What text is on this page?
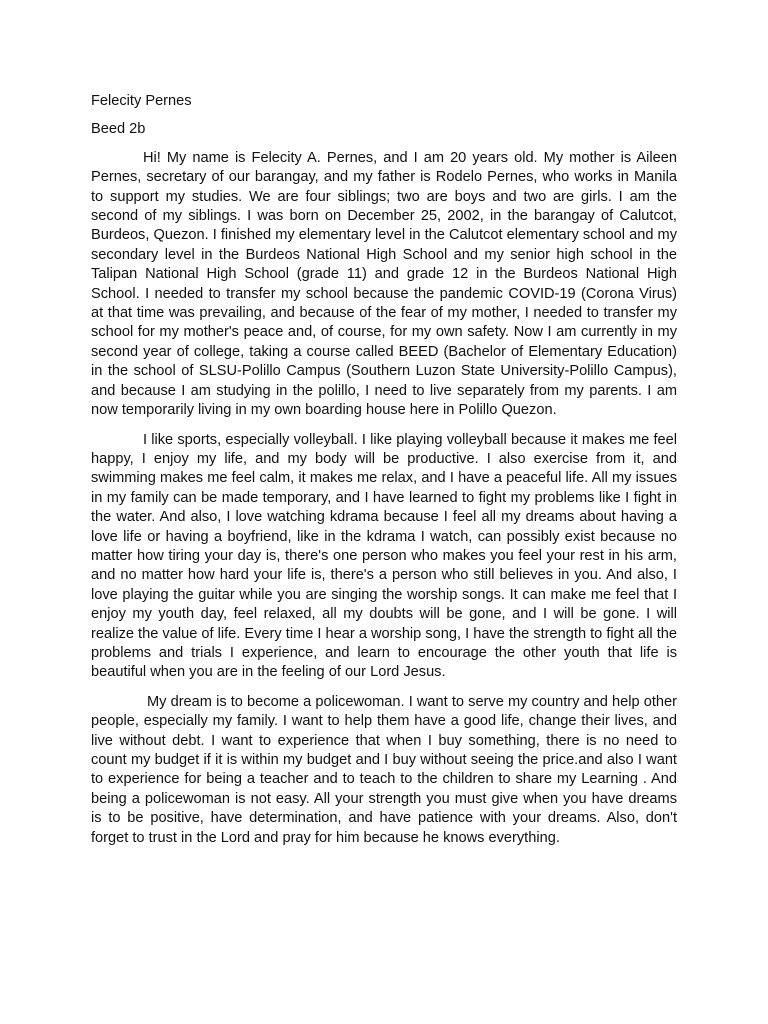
Felecity Pernes

Beed 2b

Hi! My name is Felecity A. Pernes, and I am 20 years old. My mother is Aileen Pernes, secretary of our barangay, and my father is Rodelo Pernes, who works in Manila to support my studies. We are four siblings; two are boys and two are girls. I am the second of my siblings. I was born on December 25, 2002, in the barangay of Calutcot, Burdeos, Quezon. I finished my elementary level in the Calutcot elementary school and my secondary level in the Burdeos National High School and my senior high school in the Talipan National High School (grade 11) and grade 12 in the Burdeos National High School. I needed to transfer my school because the pandemic COVID-19 (Corona Virus) at that time was prevailing, and because of the fear of my mother, I needed to transfer my school for my mother's peace and, of course, for my own safety. Now I am currently in my second year of college, taking a course called BEED (Bachelor of Elementary Education) in the school of SLSU-Polillo Campus (Southern Luzon State University-Polillo Campus), and because I am studying in the polillo, I need to live separately from my parents. I am now temporarily living in my own boarding house here in Polillo Quezon.

I like sports, especially volleyball. I like playing volleyball because it makes me feel happy, I enjoy my life, and my body will be productive. I also exercise from it, and swimming makes me feel calm, it makes me relax, and I have a peaceful life. All my issues in my family can be made temporary, and I have learned to fight my problems like I fight in the water. And also, I love watching kdrama because I feel all my dreams about having a love life or having a boyfriend, like in the kdrama I watch, can possibly exist because no matter how tiring your day is, there's one person who makes you feel your rest in his arm, and no matter how hard your life is, there's a person who still believes in you. And also, I love playing the guitar while you are singing the worship songs. It can make me feel that I enjoy my youth day, feel relaxed, all my doubts will be gone, and I will be gone. I will realize the value of life. Every time I hear a worship song, I have the strength to fight all the problems and trials I experience, and learn to encourage the other youth that life is beautiful when you are in the feeling of our Lord Jesus.

My dream is to become a policewoman. I want to serve my country and help other people, especially my family. I want to help them have a good life, change their lives, and live without debt. I want to experience that when I buy something, there is no need to count my budget if it is within my budget and I buy without seeing the price.and also I want to experience for being a teacher and to teach to the children to share my Learning . And being a policewoman is not easy. All your strength you must give when you have dreams is to be positive, have determination, and have patience with your dreams. Also, don't forget to trust in the Lord and pray for him because he knows everything.
